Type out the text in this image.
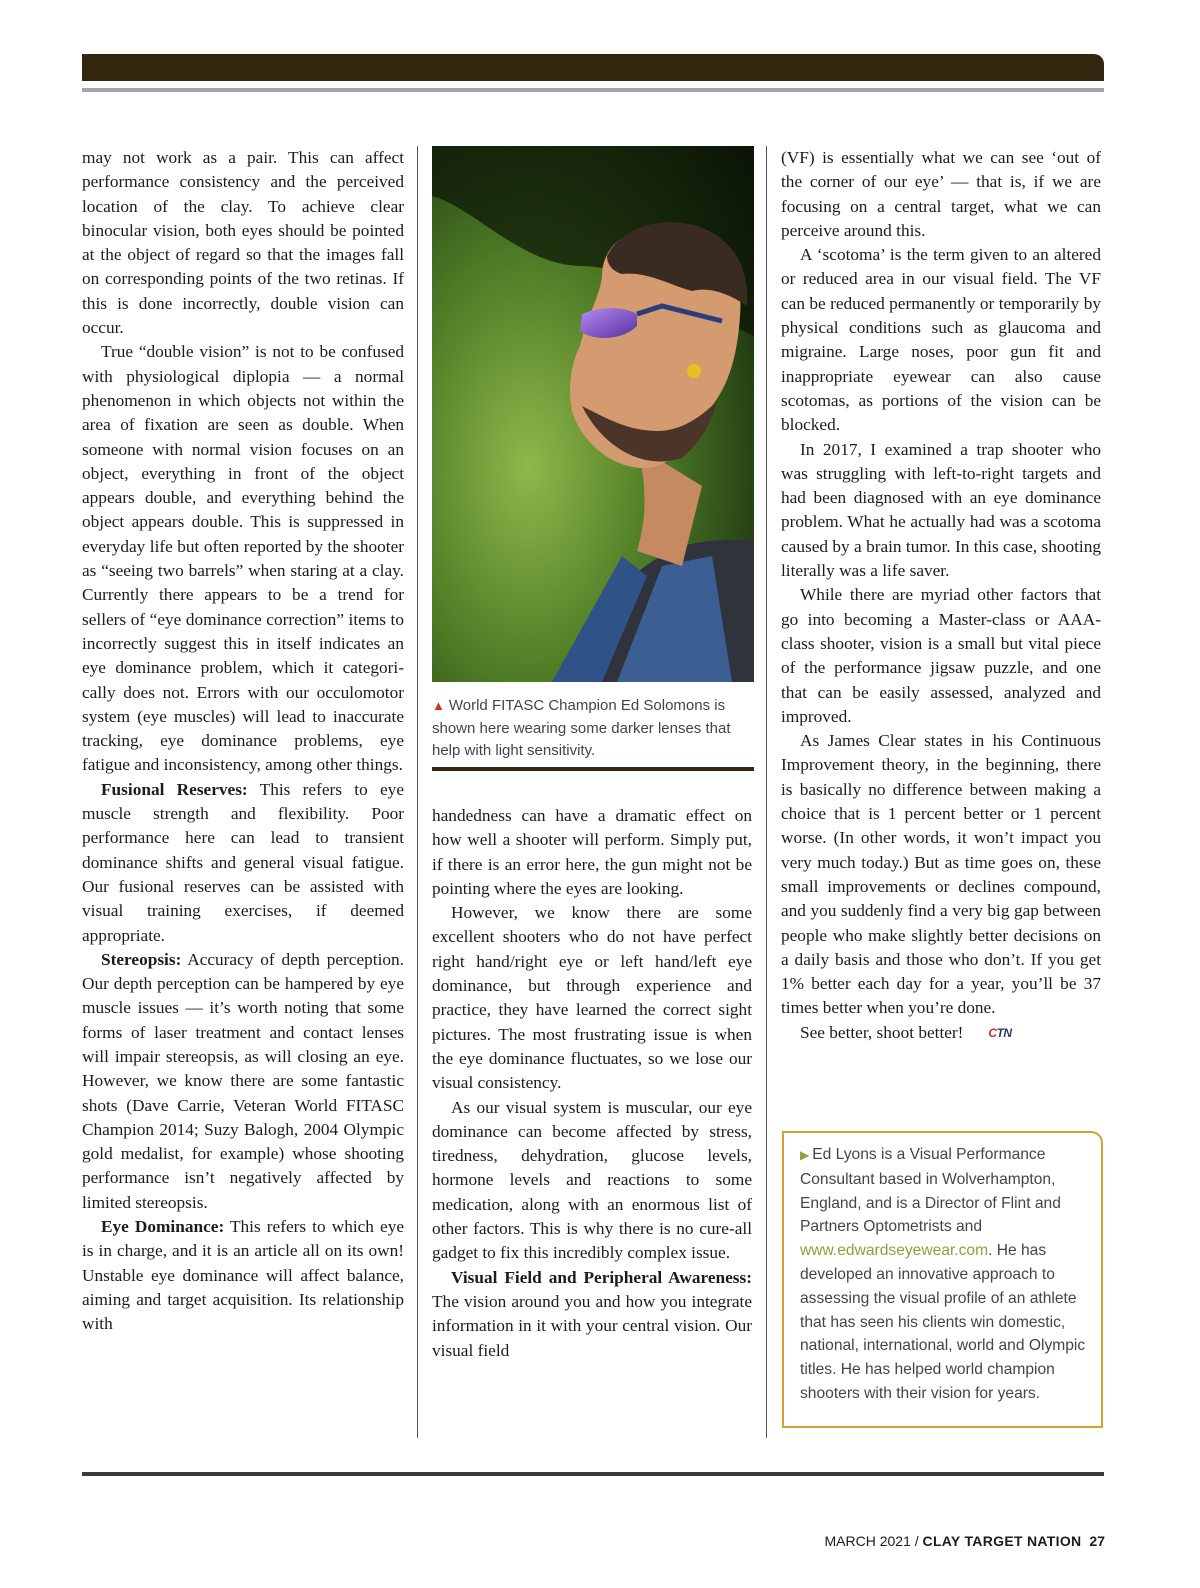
may not work as a pair. This can affect performance consistency and the perceived location of the clay. To achieve clear binocular vision, both eyes should be pointed at the object of regard so that the images fall on corresponding points of the two retinas. If this is done incorrectly, double vision can occur.

True “double vision” is not to be confused with physiological diplopia — a normal phenomenon in which objects not within the area of fixation are seen as double. When someone with normal vision focuses on an object, everything in front of the object appears double, and everything behind the object appears double. This is suppressed in everyday life but often reported by the shooter as “seeing two barrels” when staring at a clay. Currently there appears to be a trend for sellers of “eye dominance correction” items to incorrectly suggest this in itself indicates an eye dominance problem, which it categorically does not. Errors with our occulomotor system (eye muscles) will lead to inaccurate tracking, eye dominance problems, eye fatigue and inconsistency, among other things.

Fusional Reserves: This refers to eye muscle strength and flexibility. Poor performance here can lead to transient dominance shifts and general visual fatigue. Our fusional reserves can be assisted with visual training exercises, if deemed appropriate.

Stereopsis: Accuracy of depth perception. Our depth perception can be hampered by eye muscle issues — it’s worth noting that some forms of laser treatment and contact lenses will impair stereopsis, as will closing an eye. However, we know there are some fantastic shots (Dave Carrie, Veteran World FITASC Champion 2014; Suzy Balogh, 2004 Olympic gold medalist, for example) whose shooting performance isn’t negatively affected by limited stereopsis.

Eye Dominance: This refers to which eye is in charge, and it is an article all on its own! Unstable eye dominance will affect balance, aiming and target acquisition. Its relationship with

▲ World FITASC Champion Ed Solomons is shown here wearing some darker lenses that help with light sensitivity.

handedness can have a dramatic effect on how well a shooter will perform. Simply put, if there is an error here, the gun might not be pointing where the eyes are looking.

However, we know there are some excellent shooters who do not have perfect right hand/right eye or left hand/left eye dominance, but through experience and practice, they have learned the correct sight pictures. The most frustrating issue is when the eye dominance fluctuates, so we lose our visual consistency.

As our visual system is muscular, our eye dominance can become affected by stress, tiredness, dehydration, glucose levels, hormone levels and reactions to some medication, along with an enormous list of other factors. This is why there is no cure-all gadget to fix this incredibly complex issue.

Visual Field and Peripheral Awareness: The vision around you and how you integrate information in it with your central vision. Our visual field

(VF) is essentially what we can see ‘out of the corner of our eye’ — that is, if we are focusing on a central target, what we can perceive around this.

A ‘scotoma’ is the term given to an altered or reduced area in our visual field. The VF can be reduced permanently or temporarily by physical conditions such as glaucoma and migraine. Large noses, poor gun fit and inappropriate eyewear can also cause scotomas, as portions of the vision can be blocked.

In 2017, I examined a trap shooter who was struggling with left-to-right targets and had been diagnosed with an eye dominance problem. What he actually had was a scotoma caused by a brain tumor. In this case, shooting literally was a life saver.

While there are myriad other factors that go into becoming a Master-class or AAA-class shooter, vision is a small but vital piece of the performance jigsaw puzzle, and one that can be easily assessed, analyzed and improved.

As James Clear states in his Continuous Improvement theory, in the beginning, there is basically no difference between making a choice that is 1 percent better or 1 percent worse. (In other words, it won’t impact you very much today.) But as time goes on, these small improvements or declines compound, and you suddenly find a very big gap between people who make slightly better decisions on a daily basis and those who don’t. If you get 1% better each day for a year, you’ll be 37 times better when you’re done.

See better, shoot better! CTN

▶ Ed Lyons is a Visual Performance Consultant based in Wolverhampton, England, and is a Director of Flint and Partners Optometrists and www.edwardseyewear.com. He has developed an innovative approach to assessing the visual profile of an athlete that has seen his clients win domestic, national, international, world and Olympic titles. He has helped world champion shooters with their vision for years.
MARCH 2021 / CLAY TARGET NATION 27
